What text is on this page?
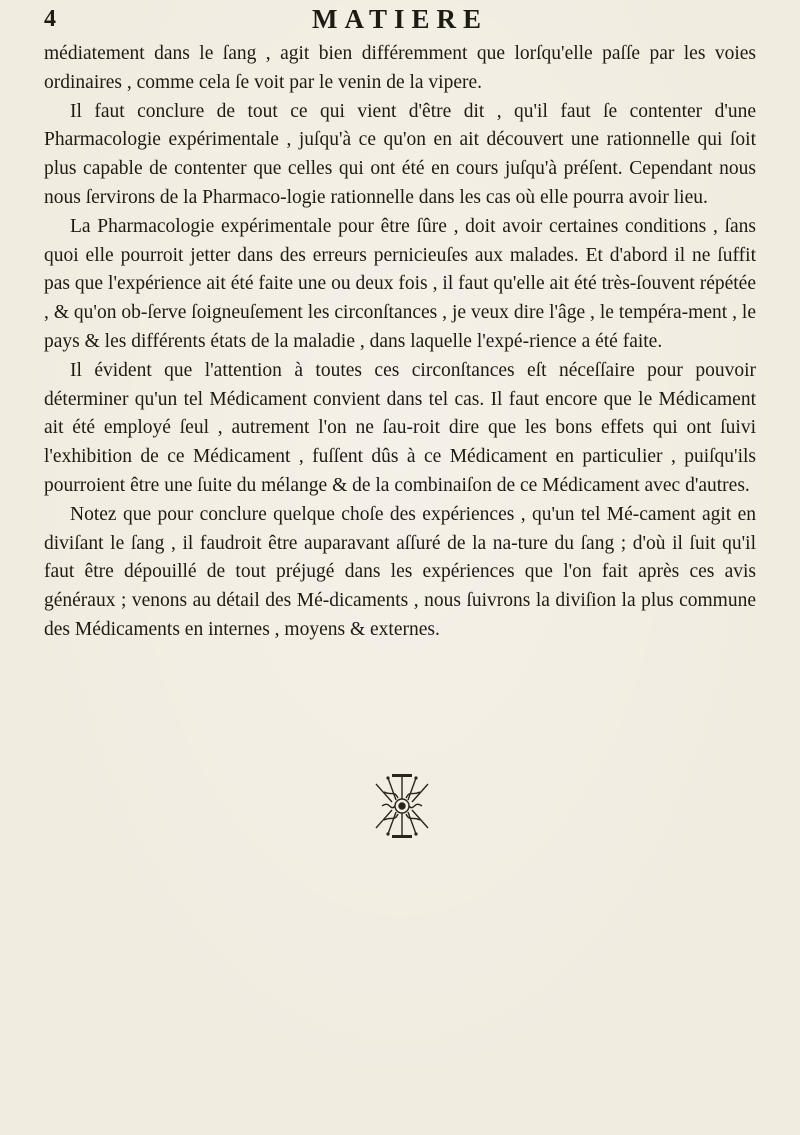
4	MATIERE

médiatement dans le ſang , agit bien différemment que lorſqu'elle paſſe par les voies ordinaires , comme cela ſe voit par le venin de la vipere.

Il faut conclure de tout ce qui vient d'être dit , qu'il faut ſe contenter d'une Pharmacologie expérimentale , juſqu'à ce qu'on en ait découvert une rationnelle qui ſoit plus capable de contenter que celles qui ont été en cours juſqu'à préſent. Cependant nous nous ſervirons de la Pharmaco-logie rationnelle dans les cas où elle pourra avoir lieu.

La Pharmacologie expérimentale pour être ſûre , doit avoir certaines conditions , ſans quoi elle pourroit jetter dans des erreurs pernicieuſes aux malades. Et d'abord il ne ſuffit pas que l'expérience ait été faite une ou deux fois , il faut qu'elle ait été très-ſouvent répétée , & qu'on ob-ſerve ſoigneuſement les circonſtances , je veux dire l'âge , le tempéra-ment , le pays & les différents états de la maladie , dans laquelle l'expé-rience a été faite.

Il évident que l'attention à toutes ces circonſtances eſt néceſſaire pour pouvoir déterminer qu'un tel Médicament convient dans tel cas. Il faut encore que le Médicament ait été employé ſeul , autrement l'on ne ſau-roit dire que les bons effets qui ont ſuivi l'exhibition de ce Médicament , fuſſent dûs à ce Médicament en particulier , puiſqu'ils pourroient être une ſuite du mélange & de la combinaiſon de ce Médicament avec d'autres.

Notez que pour conclure quelque choſe des expériences , qu'un tel Mé-cament agit en diviſant le ſang , il faudroit être auparavant aſſuré de la na-ture du ſang ; d'où il ſuit qu'il faut être dépouillé de tout préjugé dans les expériences que l'on fait après ces avis généraux ; venons au détail des Mé-dicaments , nous ſuivrons la diviſion la plus commune des Médicaments en internes , moyens & externes.
